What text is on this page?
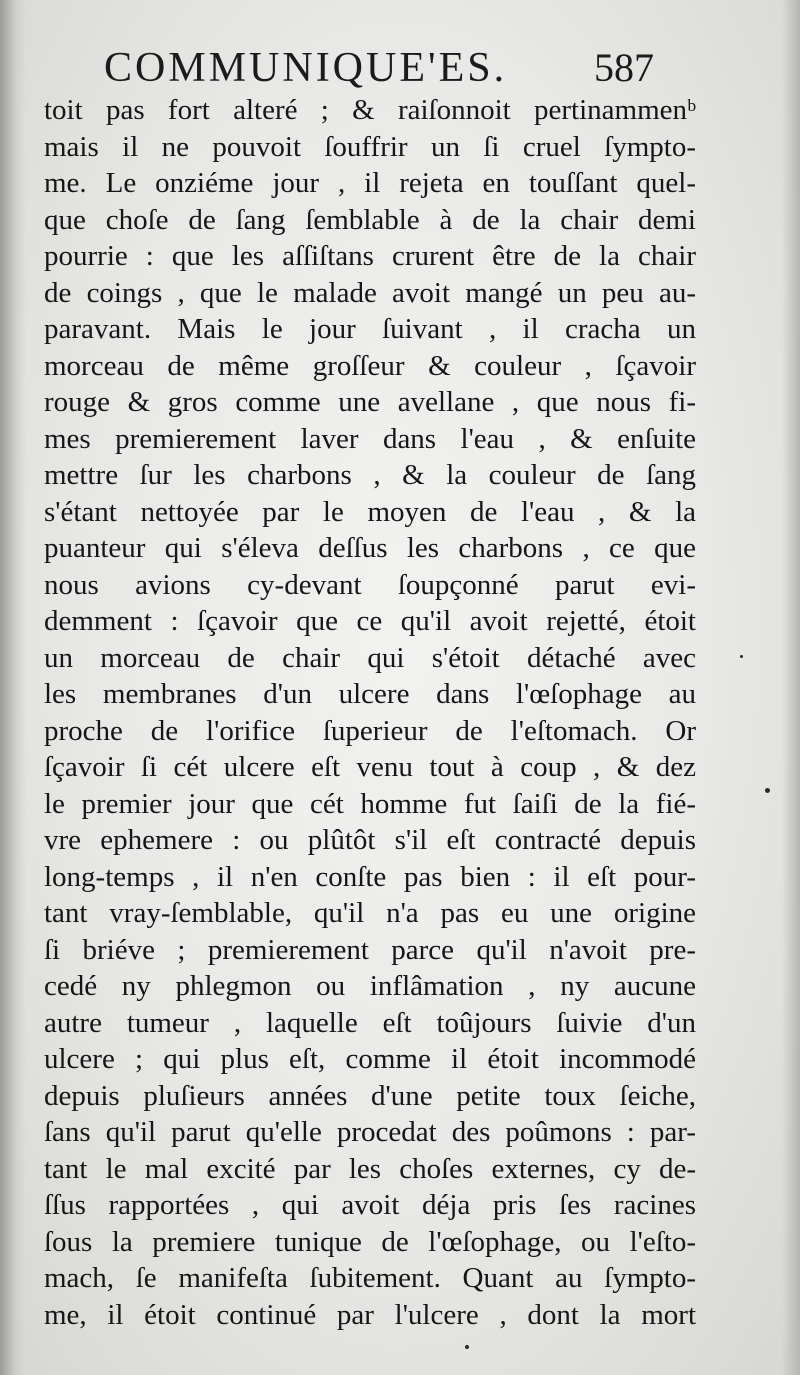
COMMUNIQUE'ES. 587
toit pas fort alteré ; & raiſonnoit pertinammenᵇ
mais il ne pouvoit ſouffrir un ſi cruel ſympto-
me. Le onziéme jour , il rejeta en touſſant quel-
que choſe de ſang ſemblable à de la chair demi
pourrie : que les aſſiſtans crurent être de la chair
de coings , que le malade avoit mangé un peu au-
paravant. Mais le jour ſuivant , il cracha un
morceau de même groſſeur & couleur , ſçavoir
rouge & gros comme une avellane , que nous fi-
mes premierement laver dans l'eau , & enſuite
mettre ſur les charbons , & la couleur de ſang
s'étant nettoyée par le moyen de l'eau , & la
puanteur qui s'éleva deſſus les charbons , ce que
nous avions cy-devant ſoupçonné parut evi-
demment : ſçavoir que ce qu'il avoit rejetté, étoit
un morceau de chair qui s'étoit détaché avec
les membranes d'un ulcere dans l'œſophage au
proche de l'orifice ſuperieur de l'eſtomach. Or
ſçavoir ſi cét ulcere eſt venu tout à coup , & dez
le premier jour que cét homme fut ſaiſi de la fié-
vre ephemere : ou plûtôt s'il eſt contracté depuis
long-temps , il n'en conſte pas bien : il eſt pour-
tant vray-ſemblable, qu'il n'a pas eu une origine
ſi briéve ; premierement parce qu'il n'avoit pre-
cedé ny phlegmon ou inflâmation , ny aucune
autre tumeur , laquelle eſt toûjours ſuivie d'un
ulcere ; qui plus eſt, comme il étoit incommodé
depuis pluſieurs années d'une petite toux ſeiche,
ſans qu'il parut qu'elle procedat des poûmons : par-
tant le mal excité par les choſes externes, cy de-
ſſus rapportées , qui avoit déja pris ſes racines
ſous la premiere tunique de l'œſophage, ou l'eſto-
mach, ſe manifeſta ſubitement. Quant au ſympto-
me, il étoit continué par l'ulcere , dont la mort
